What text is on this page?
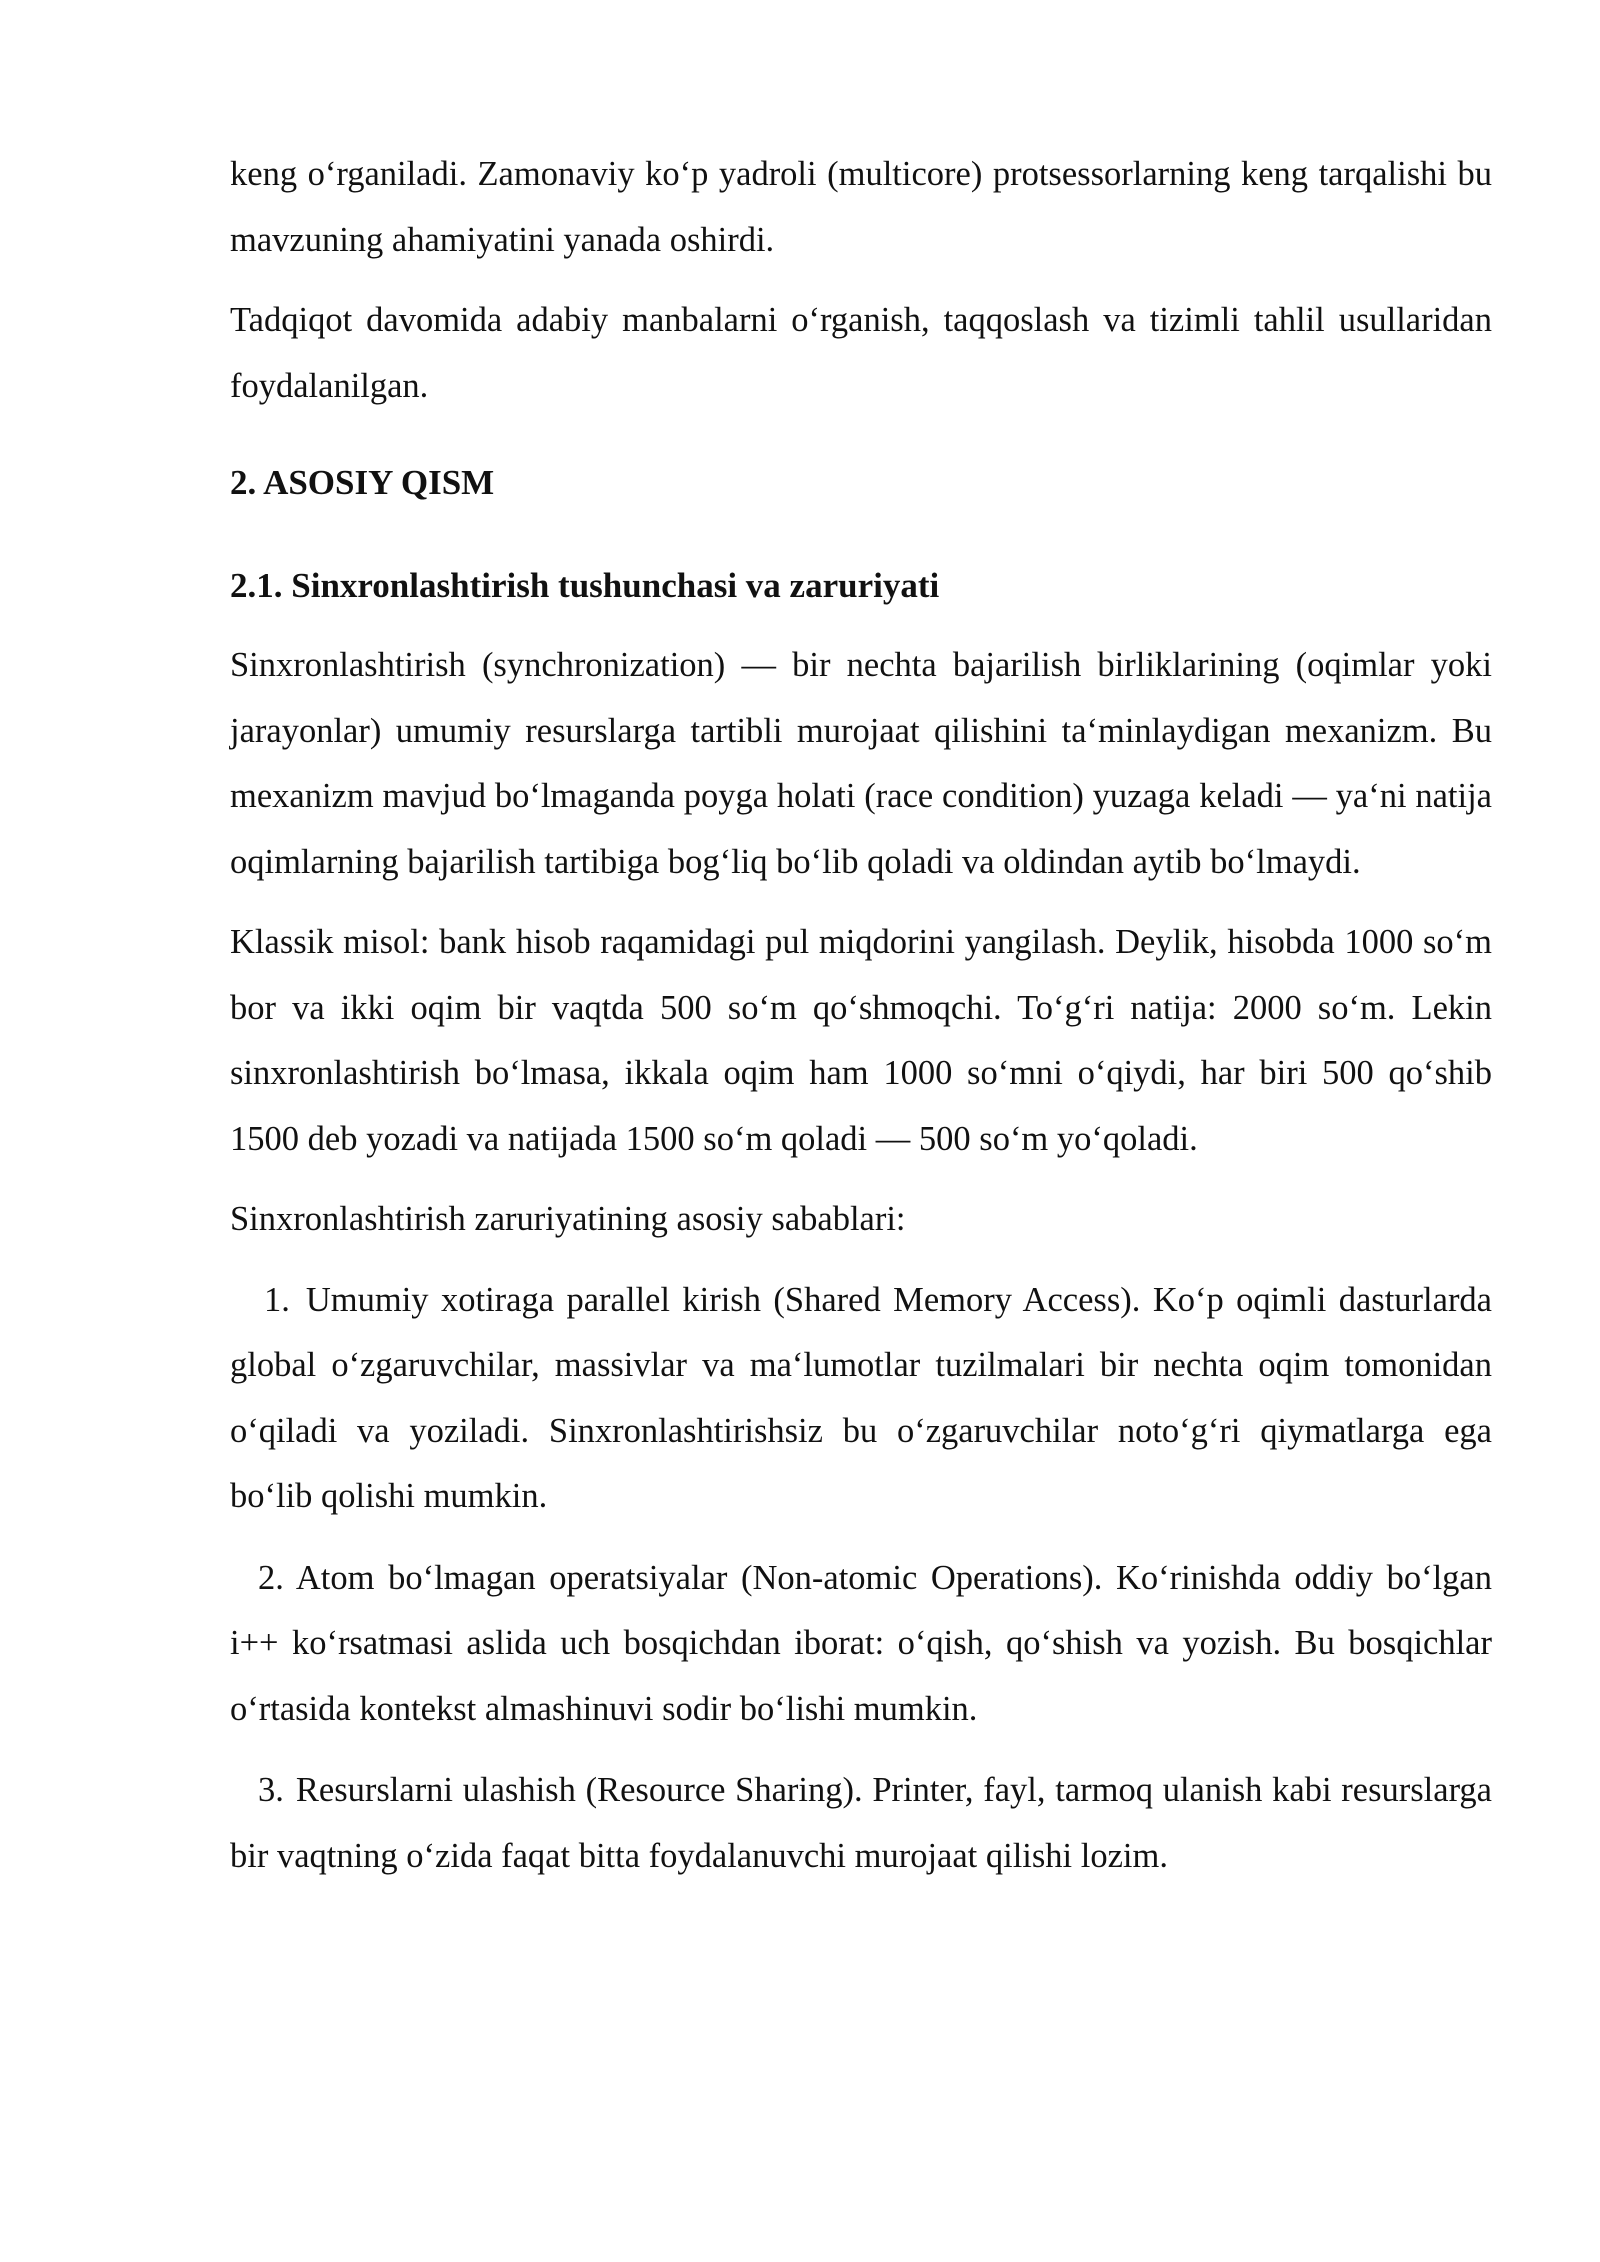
keng o‘rganiladi. Zamonaviy ko‘p yadroli (multicore) protsessorlarning keng tarqalishi bu mavzuning ahamiyatini yanada oshirdi.

Tadqiqot davomida adabiy manbalarni o‘rganish, taqqoslash va tizimli tahlil usullaridan foydalanilgan.

2. ASOSIY QISM
2.1. Sinxronlashtirish tushunchasi va zaruriyati

Sinxronlashtirish (synchronization) — bir nechta bajarilish birliklarining (oqimlar yoki jarayonlar) umumiy resurslarga tartibli murojaat qilishini ta‘minlaydigan mexanizm. Bu mexanizm mavjud bo‘lmaganda poyga holati (race condition) yuzaga keladi — ya‘ni natija oqimlarning bajarilish tartibiga bog‘liq bo‘lib qoladi va oldindan aytib bo‘lmaydi.

Klassik misol: bank hisob raqamidagi pul miqdorini yangilash. Deylik, hisobda 1000 so‘m bor va ikki oqim bir vaqtda 500 so‘m qo‘shmoqchi. To‘g‘ri natija: 2000 so‘m. Lekin sinxronlashtirish bo‘lmasa, ikkala oqim ham 1000 so‘mni o‘qiydi, har biri 500 qo‘shib 1500 deb yozadi va natijada 1500 so‘m qoladi — 500 so‘m yo‘qoladi.

Sinxronlashtirish zaruriyatining asosiy sabablari:

1. Umumiy xotiraga parallel kirish (Shared Memory Access). Ko‘p oqimli dasturlarda global o‘zgaruvchilar, massivlar va ma‘lumotlar tuzilmalari bir nechta oqim tomonidan o‘qiladi va yoziladi. Sinxronlashtirishsiz bu o‘zgaruvchilar noto‘g‘ri qiymatlarga ega bo‘lib qolishi mumkin.

2. Atom bo‘lmagan operatsiyalar (Non-atomic Operations). Ko‘rinishda oddiy bo‘lgan i++ ko‘rsatmasi aslida uch bosqichdan iborat: o‘qish, qo‘shish va yozish. Bu bosqichlar o‘rtasida kontekst almashinuvi sodir bo‘lishi mumkin.

3. Resurslarni ulashish (Resource Sharing). Printer, fayl, tarmoq ulanish kabi resurslarga bir vaqtning o‘zida faqat bitta foydalanuvchi murojaat qilishi lozim.
